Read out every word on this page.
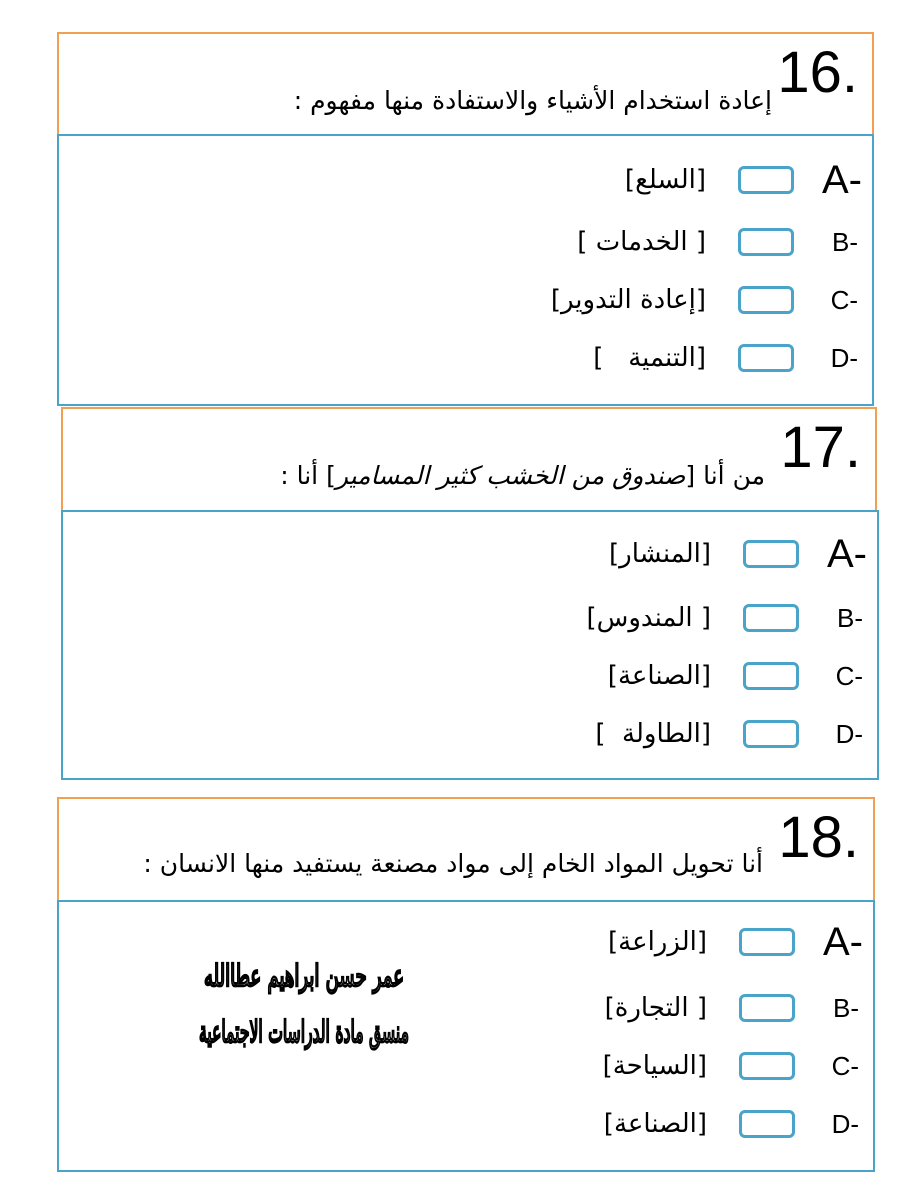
16.
إعادة استخدام الأشياء والاستفادة منها مفهوم :
A-
[السلع]
B-
[ الخدمات ]
C-
[إعادة التدوير]
D-
[التنمية   ]
17.
من أنا [صندوق من الخشب كثير المسامير] أنا :
A-
[المنشار]
B-
[ المندوس]
C-
[الصناعة]
D-
[الطاولة  ]
18.
أنا تحويل المواد الخام إلى مواد مصنعة يستفيد منها الانسان :
A-
[الزراعة]
B-
[ التجارة]
C-
[السياحة]
D-
[الصناعة]
عمر حسن ابراهيم عطاالله
منسق مادة الدراسات الاجتماعية
